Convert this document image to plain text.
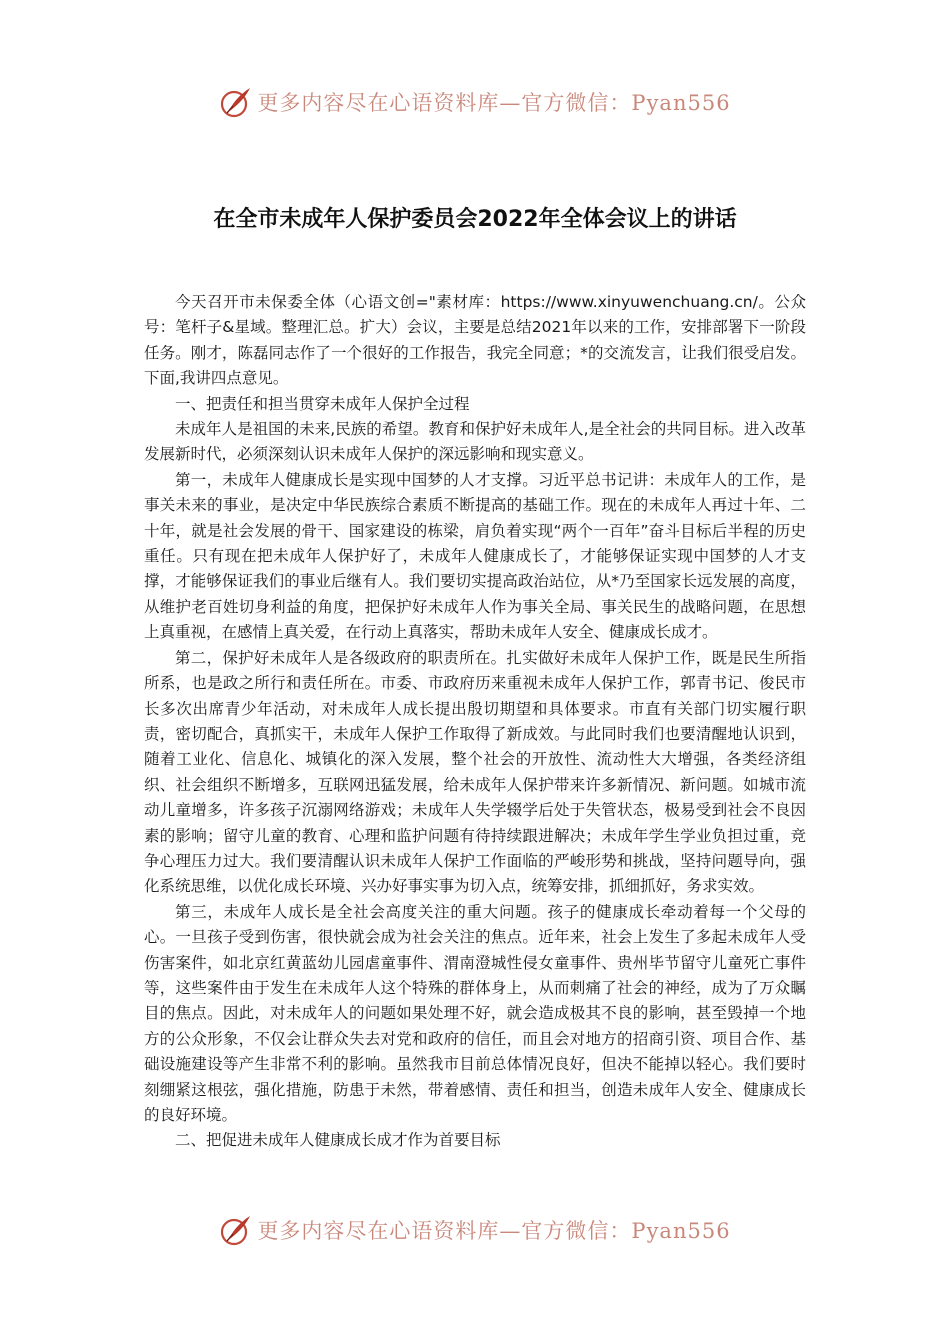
更多内容尽在心语资料库—官方微信：Pyan556
在全市未成年人保护委员会2022年全体会议上的讲话

今天召开市未保委全体（心语文创="素材库：https://www.xinyuwenchuang.cn/。公众号：笔杆子&星域。整理汇总。扩大）会议，主要是总结2021年以来的工作，安排部署下一阶段任务。刚才，陈磊同志作了一个很好的工作报告，我完全同意；*的交流发言，让我们很受启发。下面,我讲四点意见。

一、把责任和担当贯穿未成年人保护全过程

未成年人是祖国的未来,民族的希望。教育和保护好未成年人,是全社会的共同目标。进入改革发展新时代，必须深刻认识未成年人保护的深远影响和现实意义。

第一，未成年人健康成长是实现中国梦的人才支撑。习近平总书记讲：未成年人的工作，是事关未来的事业，是决定中华民族综合素质不断提高的基础工作。现在的未成年人再过十年、二十年，就是社会发展的骨干、国家建设的栋梁，肩负着实现“两个一百年”奋斗目标后半程的历史重任。只有现在把未成年人保护好了，未成年人健康成长了，才能够保证实现中国梦的人才支撑，才能够保证我们的事业后继有人。我们要切实提高政治站位，从*乃至国家长远发展的高度，从维护老百姓切身利益的角度，把保护好未成年人作为事关全局、事关民生的战略问题，在思想上真重视，在感情上真关爱，在行动上真落实，帮助未成年人安全、健康成长成才。

第二，保护好未成年人是各级政府的职责所在。扎实做好未成年人保护工作，既是民生所指所系，也是政之所行和责任所在。市委、市政府历来重视未成年人保护工作，郭青书记、俊民市长多次出席青少年活动，对未成年人成长提出殷切期望和具体要求。市直有关部门切实履行职责，密切配合，真抓实干，未成年人保护工作取得了新成效。与此同时我们也要清醒地认识到，随着工业化、信息化、城镇化的深入发展，整个社会的开放性、流动性大大增强，各类经济组织、社会组织不断增多，互联网迅猛发展，给未成年人保护带来许多新情况、新问题。如城市流动儿童增多，许多孩子沉溺网络游戏；未成年人失学辍学后处于失管状态，极易受到社会不良因素的影响；留守儿童的教育、心理和监护问题有待持续跟进解决；未成年学生学业负担过重，竞争心理压力过大。我们要清醒认识未成年人保护工作面临的严峻形势和挑战，坚持问题导向，强化系统思维，以优化成长环境、兴办好事实事为切入点，统筹安排，抓细抓好，务求实效。

第三，未成年人成长是全社会高度关注的重大问题。孩子的健康成长牵动着每一个父母的心。一旦孩子受到伤害，很快就会成为社会关注的焦点。近年来，社会上发生了多起未成年人受伤害案件，如北京红黄蓝幼儿园虐童事件、渭南澄城性侵女童事件、贵州毕节留守儿童死亡事件等，这些案件由于发生在未成年人这个特殊的群体身上，从而刺痛了社会的神经，成为了万众瞩目的焦点。因此，对未成年人的问题如果处理不好，就会造成极其不良的影响，甚至毁掉一个地方的公众形象，不仅会让群众失去对党和政府的信任，而且会对地方的招商引资、项目合作、基础设施建设等产生非常不利的影响。虽然我市目前总体情况良好，但决不能掉以轻心。我们要时刻绷紧这根弦，强化措施，防患于未然，带着感情、责任和担当，创造未成年人安全、健康成长的良好环境。

二、把促进未成年人健康成长成才作为首要目标

更多内容尽在心语资料库—官方微信：Pyan556
